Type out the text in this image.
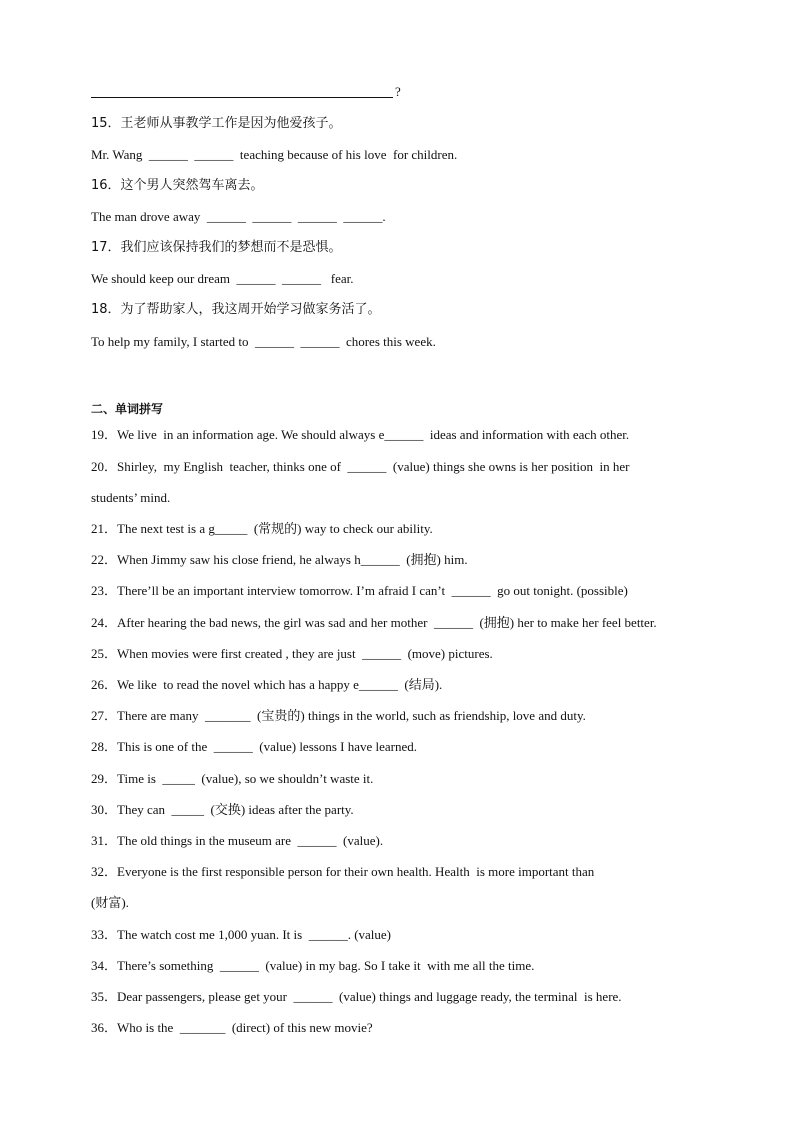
?
15．王老师从事教学工作是因为他爱孩子。
Mr. Wang  ______  ______  teaching because of his love  for children.
16．这个男人突然驾车离去。
The man drove away  ______  ______  ______  ______.
17．我们应该保持我们的梦想而不是恐惧。
We should keep our dream  ______  ______   fear.
18．为了帮助家人，我这周开始学习做家务活了。
To help my family, I started to  ______  ______  chores this week.
二、单词拼写
19．We live  in an information age. We should always e______  ideas and information with each other.
20．Shirley,  my English  teacher, thinks one of  ______  (value) things she owns is her position  in her
students’ mind.
21．The next test is a g_____  (常规的) way to check our ability.
22．When Jimmy saw his close friend, he always h______  (拥抱) him.
23．There’ll be an important interview tomorrow. I’m afraid I can’t  ______  go out tonight. (possible)
24．After hearing the bad news, the girl was sad and her mother  ______  (拥抱) her to make her feel better.
25．When movies were first created , they are just  ______  (move) pictures.
26．We like  to read the novel which has a happy e______  (结局).
27．There are many  _______  (宝贵的) things in the world, such as friendship, love and duty.
28．This is one of the  ______  (value) lessons I have learned.
29．Time is  _____  (value), so we shouldn’t waste it.
30．They can  _____  (交换) ideas after the party.
31．The old things in the museum are  ______  (value).
32．Everyone is the first responsible person for their own health. Health  is more important than
(财富).
33．The watch cost me 1,000 yuan. It is  ______. (value)
34．There’s something  ______  (value) in my bag. So I take it  with me all the time.
35．Dear passengers, please get your  ______  (value) things and luggage ready, the terminal  is here.
36．Who is the  _______  (direct) of this new movie?
